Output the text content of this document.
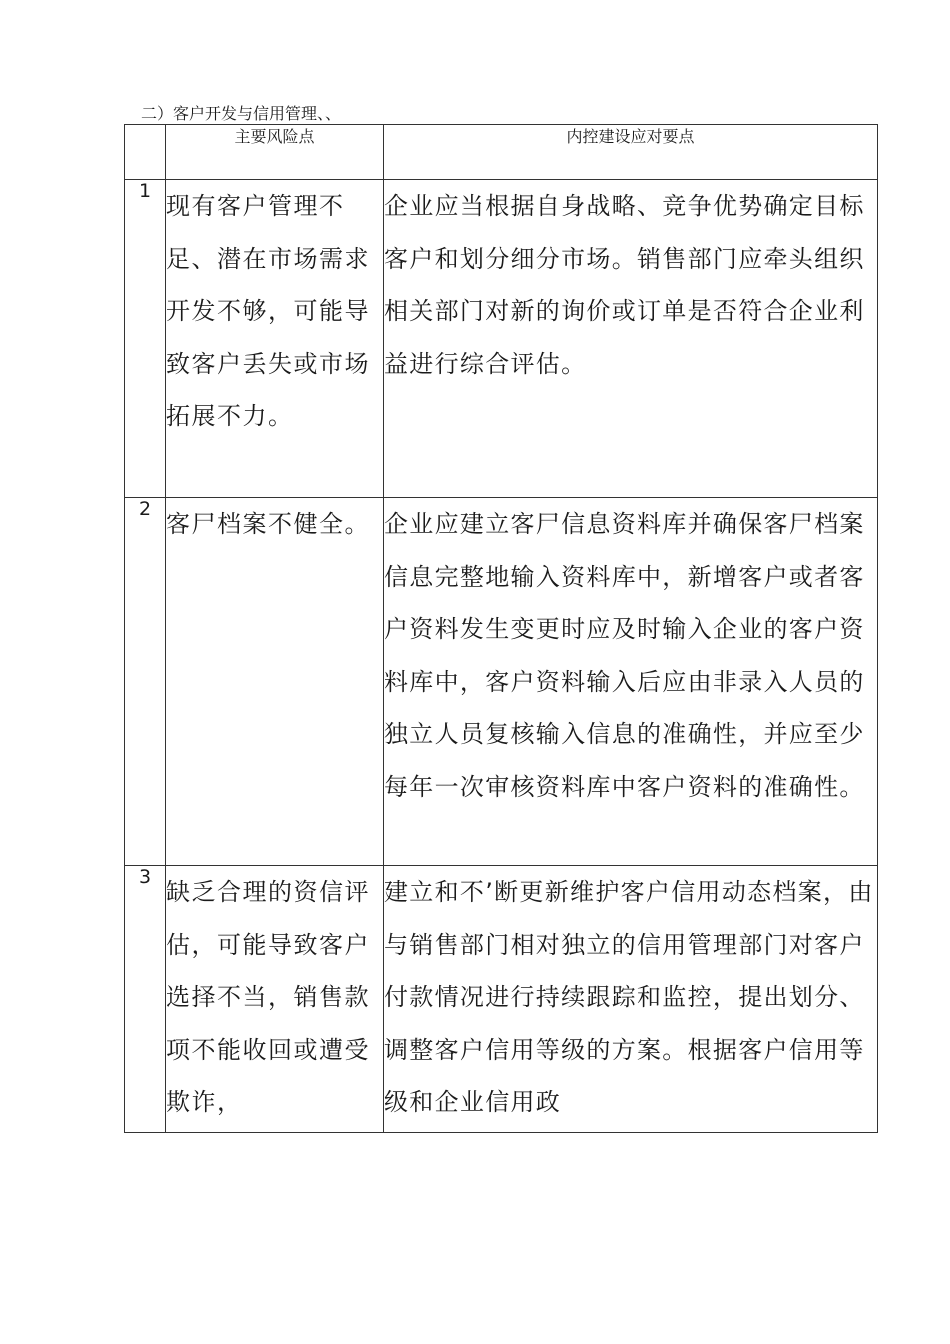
二）客户开发与信用管理、、
	主要风险点	内控建设应对要点
1	现有客户管理不足、潜在市场需求开发不够，可能导致客户丢失或市场拓展不力。	企业应当根据自身战略、竞争优势确定目标客户和划分细分市场。销售部门应牵头组织相关部门对新的询价或订单是否符合企业利益进行综合评估。
2	客尸档案不健全。	企业应建立客尸信息资料库并确保客尸档案信息完整地输入资料库中，新增客户或者客户资料发生变更时应及时输入企业的客户资料库中，客户资料输入后应由非录入人员的独立人员复核输入信息的准确性，并应至少每年一次审核资料库中客户资料的准确性。
3	缺乏合理的资信评估，可能导致客户选择不当，销售款项不能收回或遭受欺诈，	建立和不’断更新维护客户信用动态档案，由与销售部门相对独立的信用管理部门对客户付款情况进行持续跟踪和监控，提出划分、调整客户信用等级的方案。根据客户信用等级和企业信用政
